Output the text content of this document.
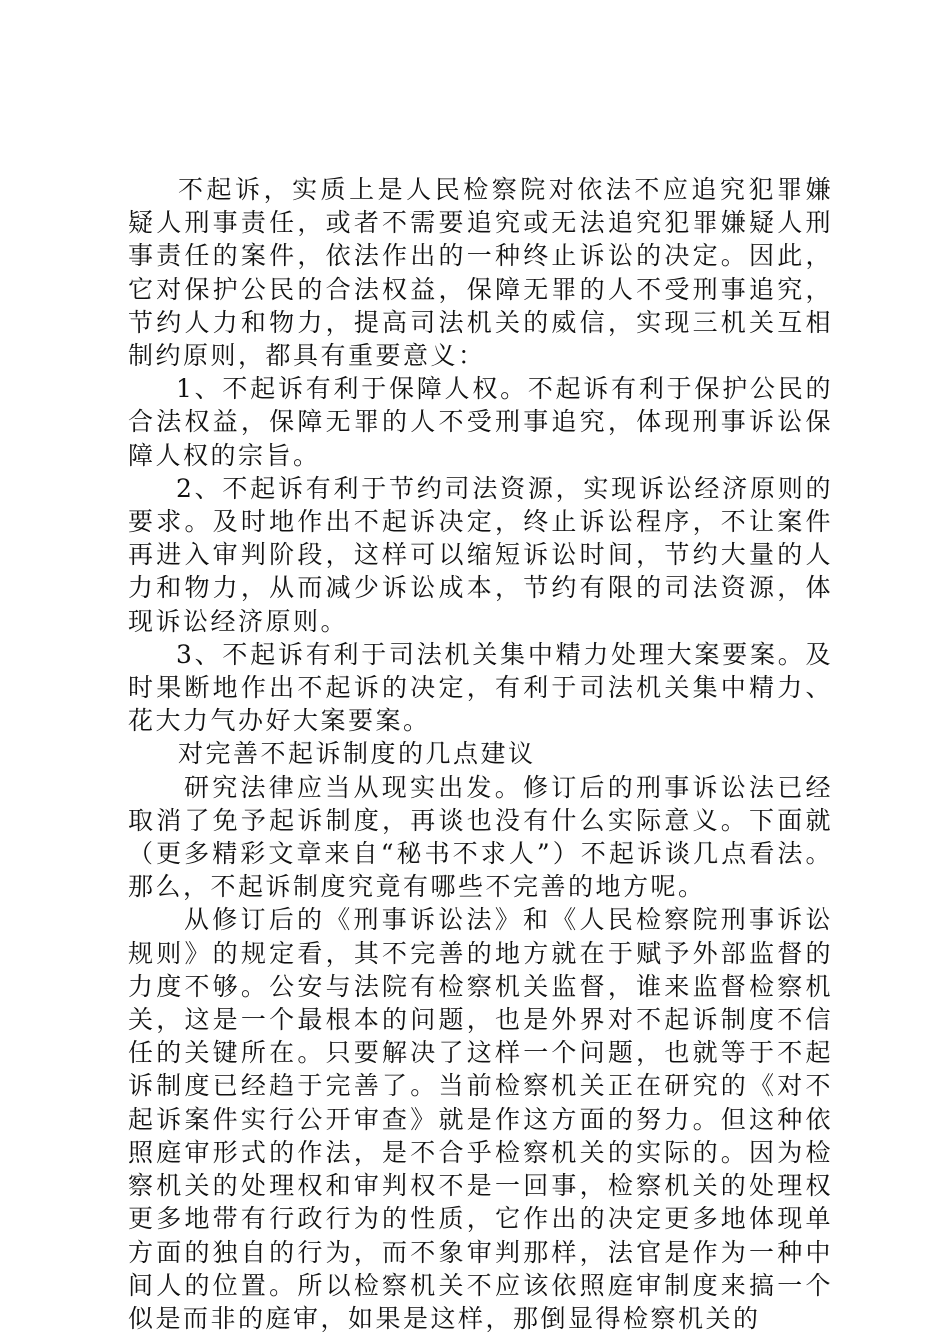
不起诉，实质上是人民检察院对依法不应追究犯罪嫌疑人刑事责任，或者不需要追究或无法追究犯罪嫌疑人刑事责任的案件，依法作出的一种终止诉讼的决定。因此，它对保护公民的合法权益，保障无罪的人不受刑事追究，节约人力和物力，提高司法机关的威信，实现三机关互相制约原则，都具有重要意义：

1、不起诉有利于保障人权。不起诉有利于保护公民的合法权益，保障无罪的人不受刑事追究，体现刑事诉讼保障人权的宗旨。

2、不起诉有利于节约司法资源，实现诉讼经济原则的要求。及时地作出不起诉决定，终止诉讼程序，不让案件再进入审判阶段，这样可以缩短诉讼时间，节约大量的人力和物力，从而减少诉讼成本，节约有限的司法资源，体现诉讼经济原则。

3、不起诉有利于司法机关集中精力处理大案要案。及时果断地作出不起诉的决定，有利于司法机关集中精力、花大力气办好大案要案。

对完善不起诉制度的几点建议

研究法律应当从现实出发。修订后的刑事诉讼法已经取消了免予起诉制度，再谈也没有什么实际意义。下面就（更多精彩文章来自“秘书不求人”）不起诉谈几点看法。那么，不起诉制度究竟有哪些不完善的地方呢。

从修订后的《刑事诉讼法》和《人民检察院刑事诉讼规则》的规定看，其不完善的地方就在于赋予外部监督的力度不够。公安与法院有检察机关监督，谁来监督检察机关，这是一个最根本的问题，也是外界对不起诉制度不信任的关键所在。只要解决了这样一个问题，也就等于不起诉制度已经趋于完善了。当前检察机关正在研究的《对不起诉案件实行公开审查》就是作这方面的努力。但这种依照庭审形式的作法，是不合乎检察机关的实际的。因为检察机关的处理权和审判权不是一回事，检察机关的处理权更多地带有行政行为的性质，它作出的决定更多地体现单方面的独自的行为，而不象审判那样，法官是作为一种中间人的位置。所以检察机关不应该依照庭审制度来搞一个似是而非的庭审，如果是这样，那倒显得检察机关的
